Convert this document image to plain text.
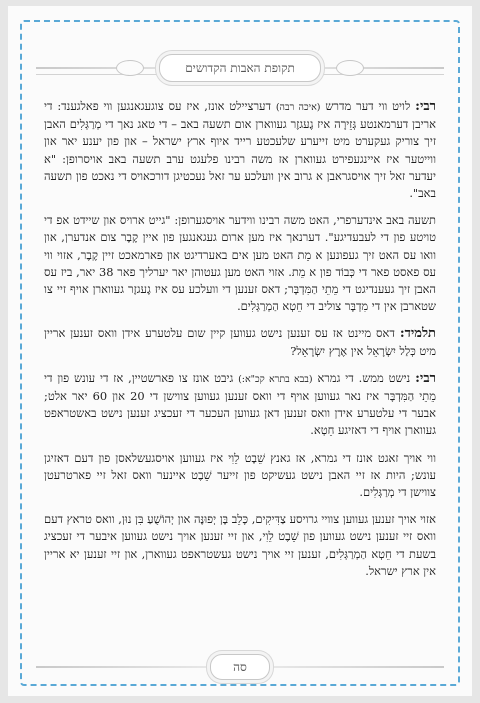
תקופת האבות הקדושים

רבי: לויט ווי דער מדרש (איכה רבה) דערציילט אונז, איז עס צוגעגאנגען ווי פאלגענד: די אריבן דערמאנטע גְּזֵירָה איז גֶעגזֶר געווארן אום תשעה באב – די טאג נאך די מְרַגְּלִים האבן זיך צוריק געקערט מיט זייערע שלעכטע רייד איוף ארץ ישראל – און פון יענע יאר און ווייטער איז איינגעפירט געווארן אז משה רבינו פלעגט ערב תשעה באב אויסרופן: "א יעדער זאל זיך אויסגראבן א גרוב אין וועלכע ער זאל נעכטיגן דורכאויס די נאכט פון תשעה באב".

תשעה באב אינדערפרי, האט משה רבינו ווידער אויסגערופן: "גייט ארויס און שיידט אפ די טויטע פון די לעבעדיגע". דערנאך איז מען ארום געגאנגען פון איין קֶבֶר צום אנדערן, און וואו עס האט זיך געפונען א מֵת האט מען אים באערדיגט און פארמאכט זיין קֶבֶר, אזוי ווי עס פאסט פאר די כְּבוֹד פון א מֵת. אזוי האט מען געטוהן יאר יערליך פאר 38 יאר, ביז עס האבן זיך געענדיגט די מֵתֵי הַמִּדְבָּר; דאס זענען די וועלכע עס איז גֶעגזֶר געווארן אויף זיי צו שטארבן אין די מִדְבָּר צוליב די חֵטְא הַמְרַגְּלִים.

תלמיד: דאס מיינט אז עס זענען נישט געווען קיין שום עלטערע אידן וואס זענען אריין מיט כְּלַל יִשְׂרָאֵל אין אֶרֶץ יִשְׂרָאֵל?

רבי: נישט ממש. די גמרא (בבא בתרא קכ"א:) גיבט אונז צו פארשטיין, אז די עונש פון די מֵתֵי הַמִּדְבָּר איז נאר געווען אויף די וואס זענען געווען צווישן די 20 און 60 יאר אלט; אבער די עלטערע אידן וואס זענען דאן געווען העכער די זעכציג זענען נישט באשטראפט געווארן אויף די דאזיגע חֵטְא.

ווי אויך זאגט אונז די גמרא, אז גאנץ שֵׁבֶט לֵוִי איז געווען אויסגעשלאסן פון דעם דאזיגן עונש; היות אז זיי האבן נישט געשיקט פון זייער שֵׁבֶט איינער וואס זאל זיי פארטרעטן צווישן די מְרַגְּלִים.

אזוי אויך זענען געווען צוויי גרויסע צַדִּיקִים, כָּלֵב בֶּן יְפוּנֶּה און יְהוֹשֻׁעַ בִּן נוּן, וואס טראץ דעם וואס זיי זענען נישט געווען פון שֵׁבֶט לֵוִי, און זיי זענען אויך נישט געווען איבער די זעכציג בשעת די חֵטְא הַמְרַגְּלִים, זענען זיי אויך נישט געשטראפט געווארן, און זיי זענען יא אריין אין ארץ ישראל.

סה
